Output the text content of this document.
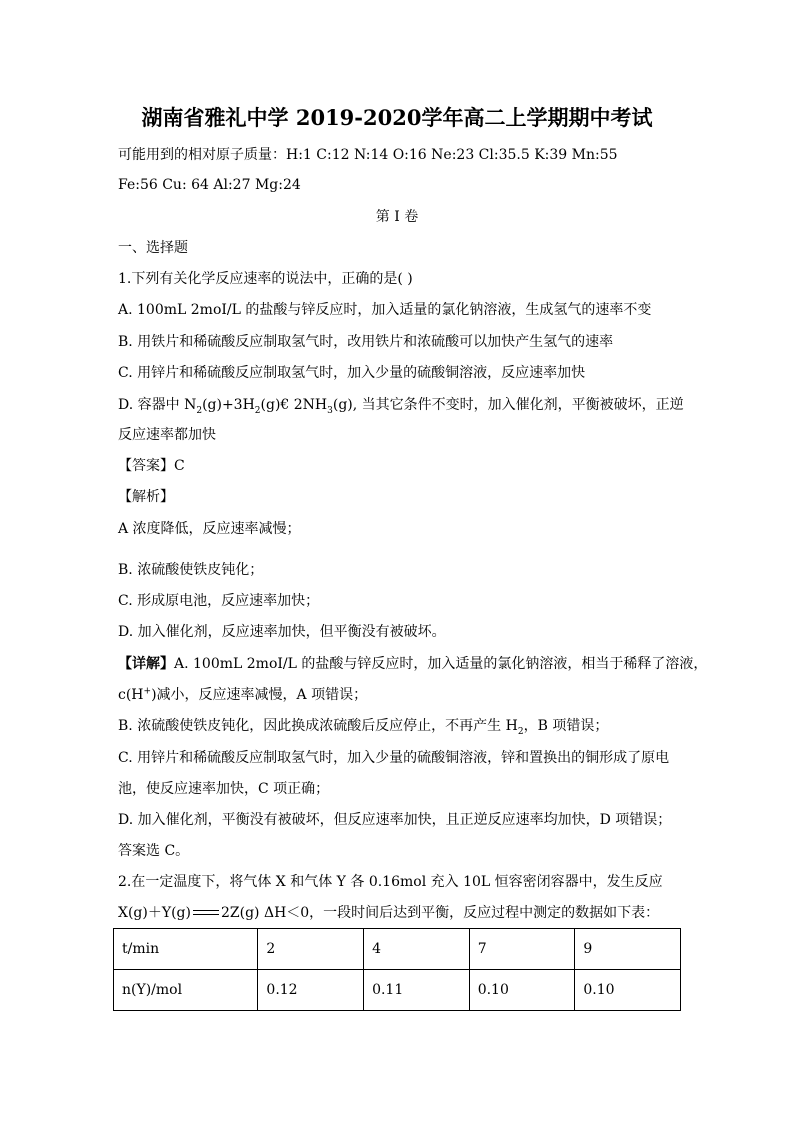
湖南省雅礼中学 2019-2020学年高二上学期期中考试
可能用到的相对原子质量：H:1 C:12 N:14 O:16 Ne:23 Cl:35.5 K:39 Mn:55
Fe:56 Cu: 64 Al:27 Mg:24
第 I 卷
一、选择题
1.下列有关化学反应速率的说法中，正确的是( )
A. 100mL 2moI/L 的盐酸与锌反应时，加入适量的氯化钠溶液，生成氢气的速率不变
B. 用铁片和稀硫酸反应制取氢气时，改用铁片和浓硫酸可以加快产生氢气的速率
C. 用锌片和稀硫酸反应制取氢气时，加入少量的硫酸铜溶液，反应速率加快
D. 容器中 $N_2(g)+3H_2(g)€$ $2NH_3(g)$, 当其它条件不变时，加入催化剂，平衡被破坏，正逆
反应速率都加快
【答案】C
【解析】
A 浓度降低，反应速率减慢；
B. 浓硫酸使铁皮钝化；
C. 形成原电池，反应速率加快；
D. 加入催化剂，反应速率加快，但平衡没有被破坏。
【详解】A. 100mL 2moI/L 的盐酸与锌反应时，加入适量的氯化钠溶液，相当于稀释了溶液，
c(H+)减小，反应速率减慢，A 项错误；
B. 浓硫酸使铁皮钝化，因此换成浓硫酸后反应停止，不再产生 $H_2$，B 项错误；
C. 用锌片和稀硫酸反应制取氢气时，加入少量的硫酸铜溶液，锌和置换出的铜形成了原电
池，使反应速率加快，C 项正确；
D. 加入催化剂，平衡没有被破坏，但反应速率加快，且正逆反应速率均加快，D 项错误；
答案选 C。
2.在一定温度下，将气体 X 和气体 Y 各 0.16mol 充入 10L 恒容密闭容器中，发生反应
X(g)＋Y(g) 2Z(g) ΔH＜0，一段时间后达到平衡，反应过程中测定的数据如下表：
t/min	2	4	7	9
n(Y)/mol	0.12	0.11	0.10	0.10
